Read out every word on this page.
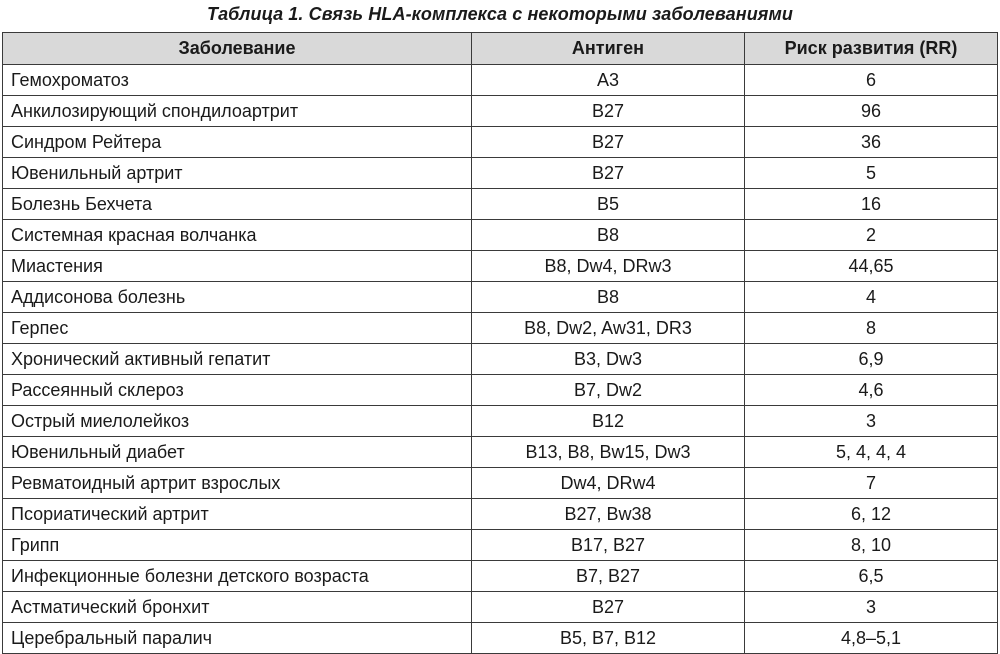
Таблица 1. Связь HLA-комплекса с некоторыми заболеваниями
Заболевание	Антиген	Риск развития (RR)
Гемохроматоз	A3	6
Анкилозирующий спондилоартрит	B27	96
Синдром Рейтера	B27	36
Ювенильный артрит	B27	5
Болезнь Бехчета	B5	16
Системная красная волчанка	B8	2
Миастения	B8, Dw4, DRw3	44,65
Аддисонова болезнь	B8	4
Герпес	B8, Dw2, Aw31, DR3	8
Хронический активный гепатит	B3, Dw3	6,9
Рассеянный склероз	B7, Dw2	4,6
Острый миелолейкоз	B12	3
Ювенильный диабет	B13, B8, Bw15, Dw3	5, 4, 4, 4
Ревматоидный артрит взрослых	Dw4, DRw4	7
Псориатический артрит	B27, Bw38	6, 12
Грипп	B17, B27	8, 10
Инфекционные болезни детского возраста	B7, B27	6,5
Астматический бронхит	B27	3
Церебральный паралич	B5, B7, B12	4,8–5,1
